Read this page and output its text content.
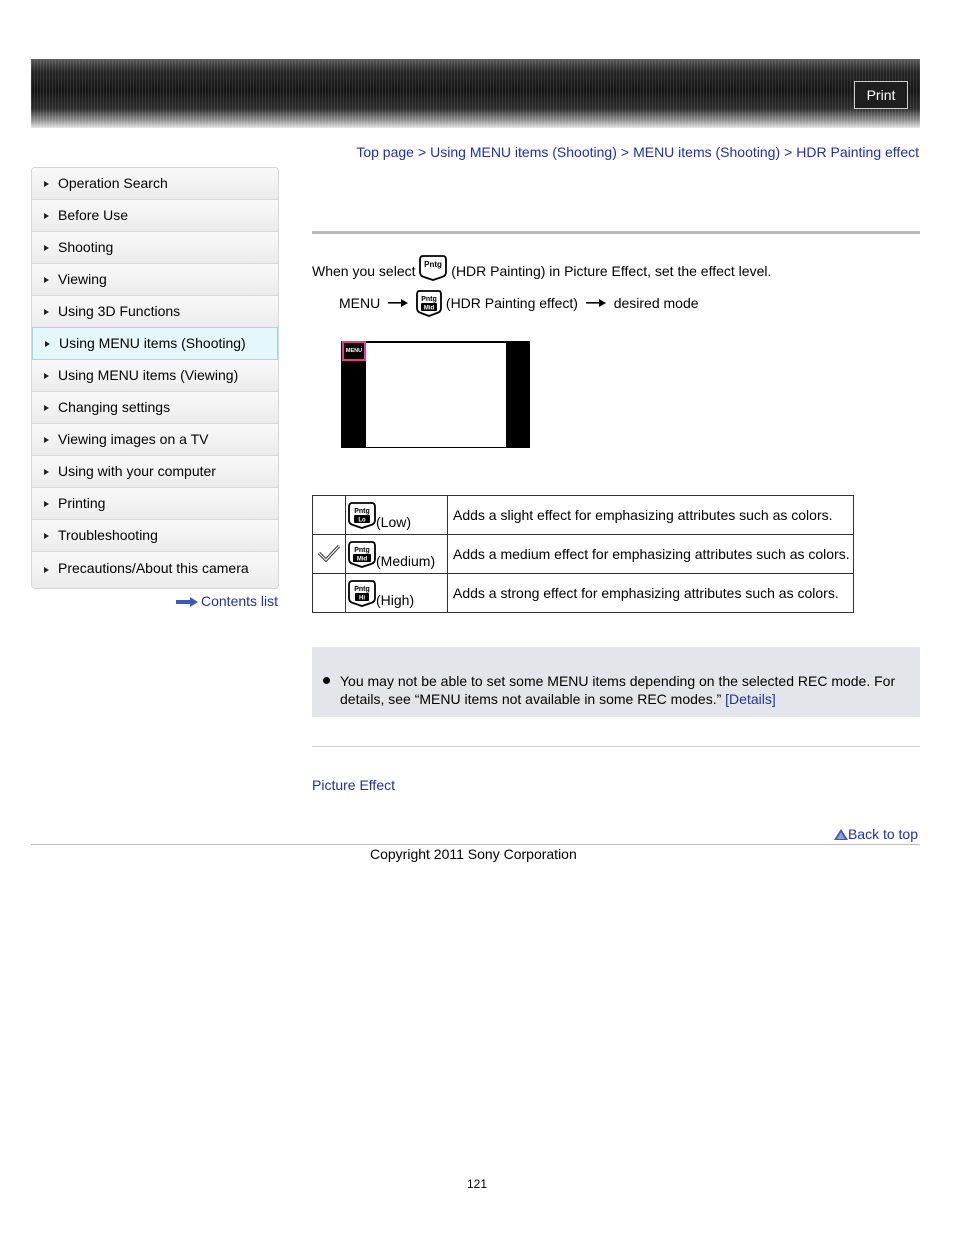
Print
Top page > Using MENU items (Shooting) > MENU items (Shooting) > HDR Painting effect
Operation Search
Before Use
Shooting
Viewing
Using 3D Functions
Using MENU items (Shooting)
Using MENU items (Viewing)
Changing settings
Viewing images on a TV
Using with your computer
Printing
Troubleshooting
Precautions/About this camera
Contents list
When you select Pntg (HDR Painting) in Picture Effect, set the effect level.
MENU	Pntg
Mid (HDR Painting effect)	desired mode
MENU

Pntg
Lo (Low)	Adds a slight effect for emphasizing attributes such as colors.

Pntg
Mid (Medium)	Adds a medium effect for emphasizing attributes such as colors.

Pntg
Hi (High)	Adds a strong effect for emphasizing attributes such as colors.
You may not be able to set some MENU items depending on the selected REC mode. For details, see “MENU items not available in some REC modes.” [Details]
Picture Effect
Back to top
Copyright 2011 Sony Corporation
121
